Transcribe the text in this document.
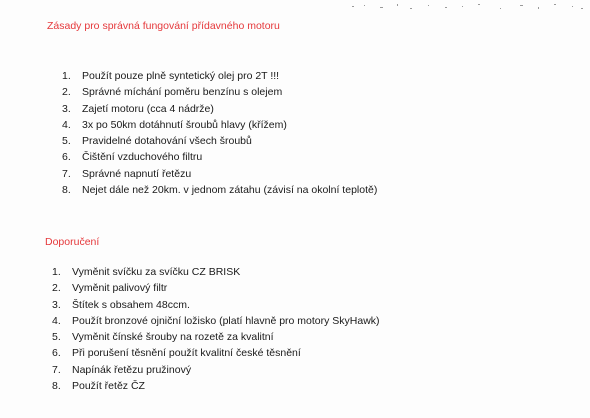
Zásady pro správná fungování přídavného motoru
1.	Použít pouze plně syntetický olej pro 2T !!!
2.	Správné míchání poměru benzínu s olejem
3.	Zajetí motoru (cca 4 nádrže)
4.	3x po 50km dotáhnutí šroubů hlavy (křížem)
5.	Pravidelné dotahování všech šroubů
6.	Čištění vzduchového filtru
7.	Správné napnutí řetězu
8.	Nejet dále než 20km. v jednom zátahu (závisí na okolní teplotě)
Doporučení
1.	Vyměnit svíčku za svíčku CZ BRISK
2.	Vyměnit palivový filtr
3.	Štítek s obsahem 48ccm.
4.	Použít bronzové ojniční ložisko (platí hlavně pro motory SkyHawk)
5.	Vyměnit čínské šrouby na rozetě za kvalitní
6.	Při porušení těsnění použít kvalitní české těsnění
7.	Napínák řetězu pružinový
8.	Použít řetěz ČZ
